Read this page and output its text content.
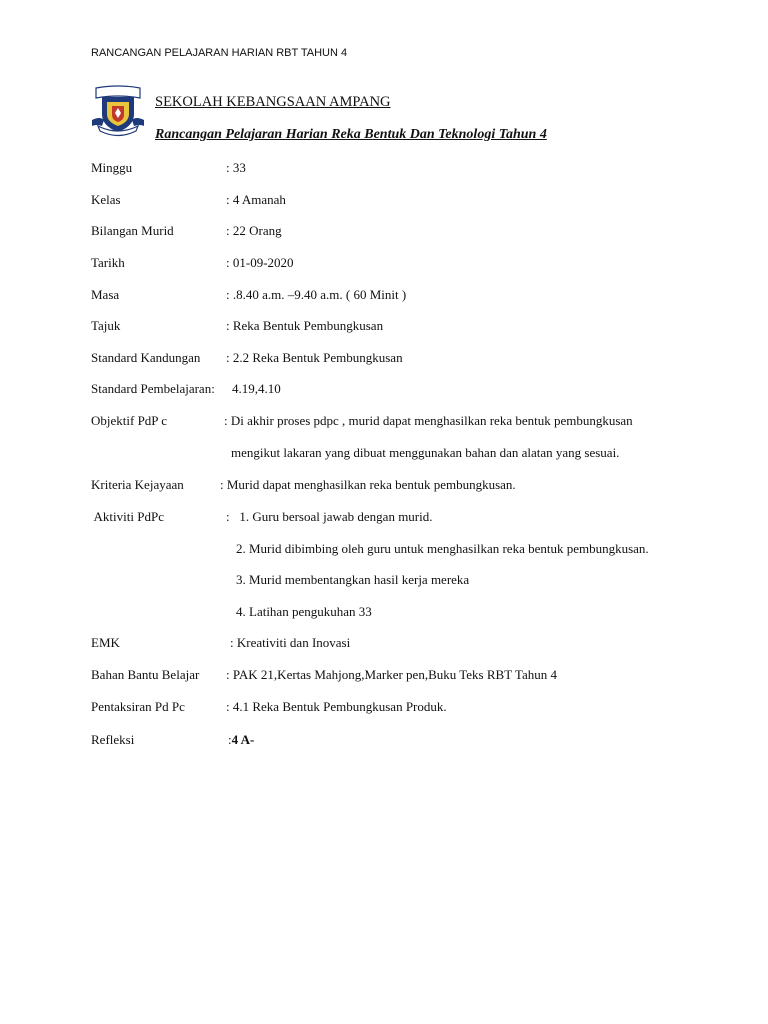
RANCANGAN PELAJARAN HARIAN RBT TAHUN 4
SEKOLAH KEBANGSAAN AMPANG
Rancangan Pelajaran Harian Reka Bentuk Dan Teknologi Tahun 4
Minggu	: 33
Kelas	: 4 Amanah
Bilangan Murid	: 22 Orang
Tarikh	: 01-09-2020
Masa	: .8.40 a.m. –9.40 a.m. ( 60 Minit )
Tajuk	: Reka Bentuk Pembungkusan
Standard Kandungan : 2.2 Reka Bentuk Pembungkusan
Standard Pembelajaran: 4.19,4.10
Objektif PdP c	: Di akhir proses pdpc , murid dapat menghasilkan reka bentuk pembungkusan
mengikut lakaran yang dibuat menggunakan bahan dan alatan yang sesuai.
Kriteria Kejayaan	: Murid dapat menghasilkan reka bentuk pembungkusan.
Aktiviti PdPc	:   1. Guru bersoal jawab dengan murid.
2. Murid dibimbing oleh guru untuk menghasilkan reka bentuk pembungkusan.
3. Murid membentangkan hasil kerja mereka
4. Latihan pengukuhan 33
EMK	: Kreativiti dan Inovasi
Bahan Bantu Belajar : PAK 21,Kertas Mahjong,Marker pen,Buku Teks RBT Tahun 4
Pentaksiran Pd Pc	: 4.1 Reka Bentuk Pembungkusan Produk.
Refleksi	:4 A-
